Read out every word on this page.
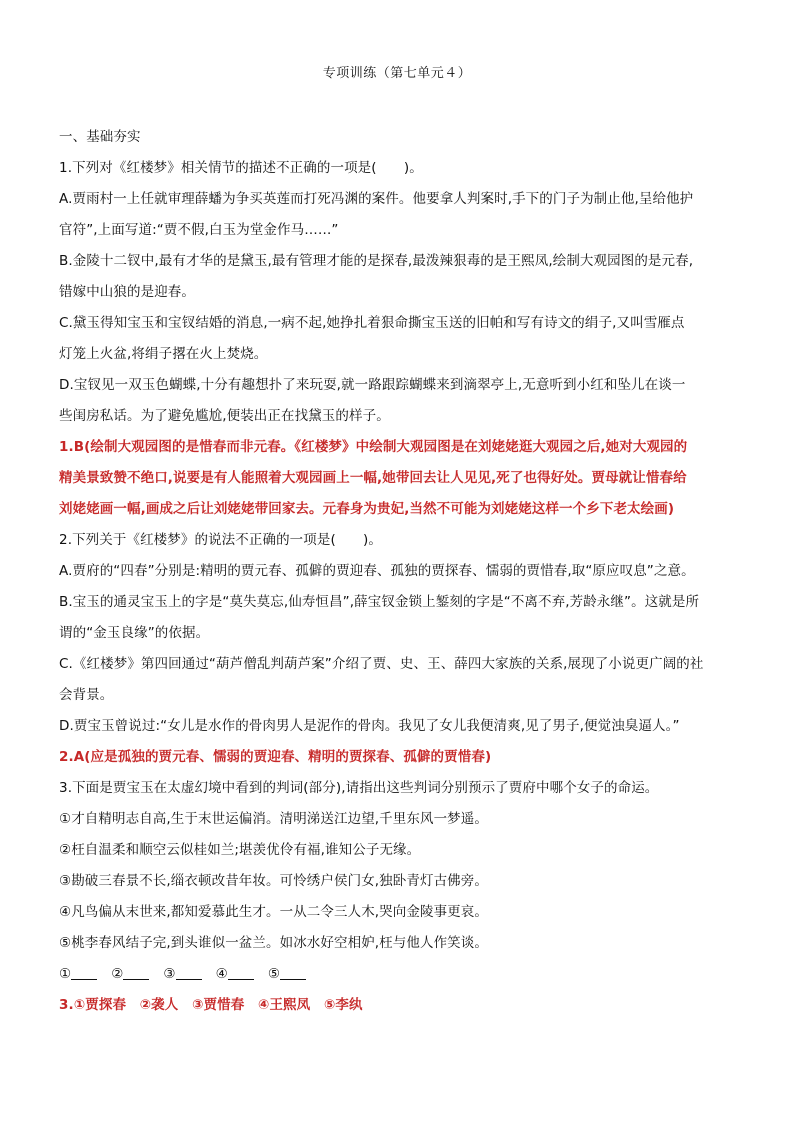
专项训练（第七单元４）

一、基础夯实

1.下列对《红楼梦》相关情节的描述不正确的一项是(　　)。

A.贾雨村一上任就审理薛蟠为争买英莲而打死冯渊的案件。他要拿人判案时,手下的门子为制止他,呈给他护

官符”,上面写道:“贾不假,白玉为堂金作马……”

B.金陵十二钗中,最有才华的是黛玉,最有管理才能的是探春,最泼辣狠毒的是王熙凤,绘制大观园图的是元春,

错嫁中山狼的是迎春。

C.黛玉得知宝玉和宝钗结婚的消息,一病不起,她挣扎着狠命撕宝玉送的旧帕和写有诗文的绢子,又叫雪雁点

灯笼上火盆,将绢子撂在火上焚烧。

D.宝钗见一双玉色蝴蝶,十分有趣想扑了来玩耍,就一路跟踪蝴蝶来到滴翠亭上,无意听到小红和坠儿在谈一

些闺房私话。为了避免尴尬,便装出正在找黛玉的样子。

1.B(绘制大观园图的是惜春而非元春。《红楼梦》中绘制大观园图是在刘姥姥逛大观园之后,她对大观园的

精美景致赞不绝口,说要是有人能照着大观园画上一幅,她带回去让人见见,死了也得好处。贾母就让惜春给

刘姥姥画一幅,画成之后让刘姥姥带回家去。元春身为贵妃,当然不可能为刘姥姥这样一个乡下老太绘画)

2.下列关于《红楼梦》的说法不正确的一项是(　　)。

A.贾府的“四春”分别是:精明的贾元春、孤僻的贾迎春、孤独的贾探春、懦弱的贾惜春,取“原应叹息”之意。

B.宝玉的通灵宝玉上的字是“莫失莫忘,仙寿恒昌”,薛宝钗金锁上錾刻的字是“不离不弃,芳龄永继”。这就是所

谓的“金玉良缘”的依据。

C.《红楼梦》第四回通过“葫芦僧乱判葫芦案”介绍了贾、史、王、薛四大家族的关系,展现了小说更广阔的社

会背景。

D.贾宝玉曾说过:“女儿是水作的骨肉男人是泥作的骨肉。我见了女儿我便清爽,见了男子,便觉浊臭逼人。”

2.A(应是孤独的贾元春、懦弱的贾迎春、精明的贾探春、孤僻的贾惜春)

3.下面是贾宝玉在太虚幻境中看到的判词(部分),请指出这些判词分别预示了贾府中哪个女子的命运。

①才自精明志自高,生于末世运偏消。清明涕送江边望,千里东风一梦遥。

②枉自温柔和顺空云似桂如兰;堪羡优伶有福,谁知公子无缘。

③勘破三春景不长,缁衣顿改昔年妆。可怜绣户侯门女,独卧青灯古佛旁。

④凡鸟偏从末世来,都知爱慕此生才。一从二令三人木,哭向金陵事更哀。

⑤桃李春风结子完,到头谁似一盆兰。如冰水好空相妒,枉与他人作笑谈。

①	②	③	④	⑤

3.①贾探春　②袭人　③贾惜春　④王熙凤　⑤李纨
